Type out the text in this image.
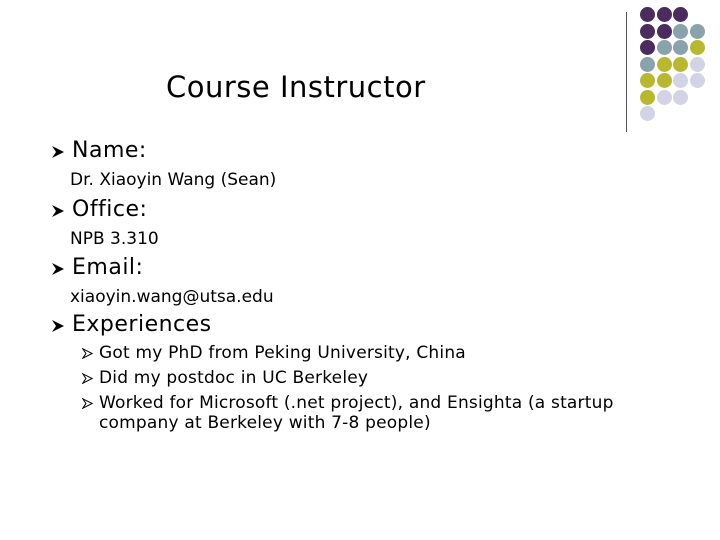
Course Instructor
Name:
Dr. Xiaoyin Wang (Sean)
Office:
NPB 3.310
Email:
xiaoyin.wang@utsa.edu
Experiences
Got my PhD from Peking University, China
Did my postdoc in UC Berkeley
Worked for Microsoft (.net project), and Ensighta (a startup company at Berkeley with 7-8 people)
